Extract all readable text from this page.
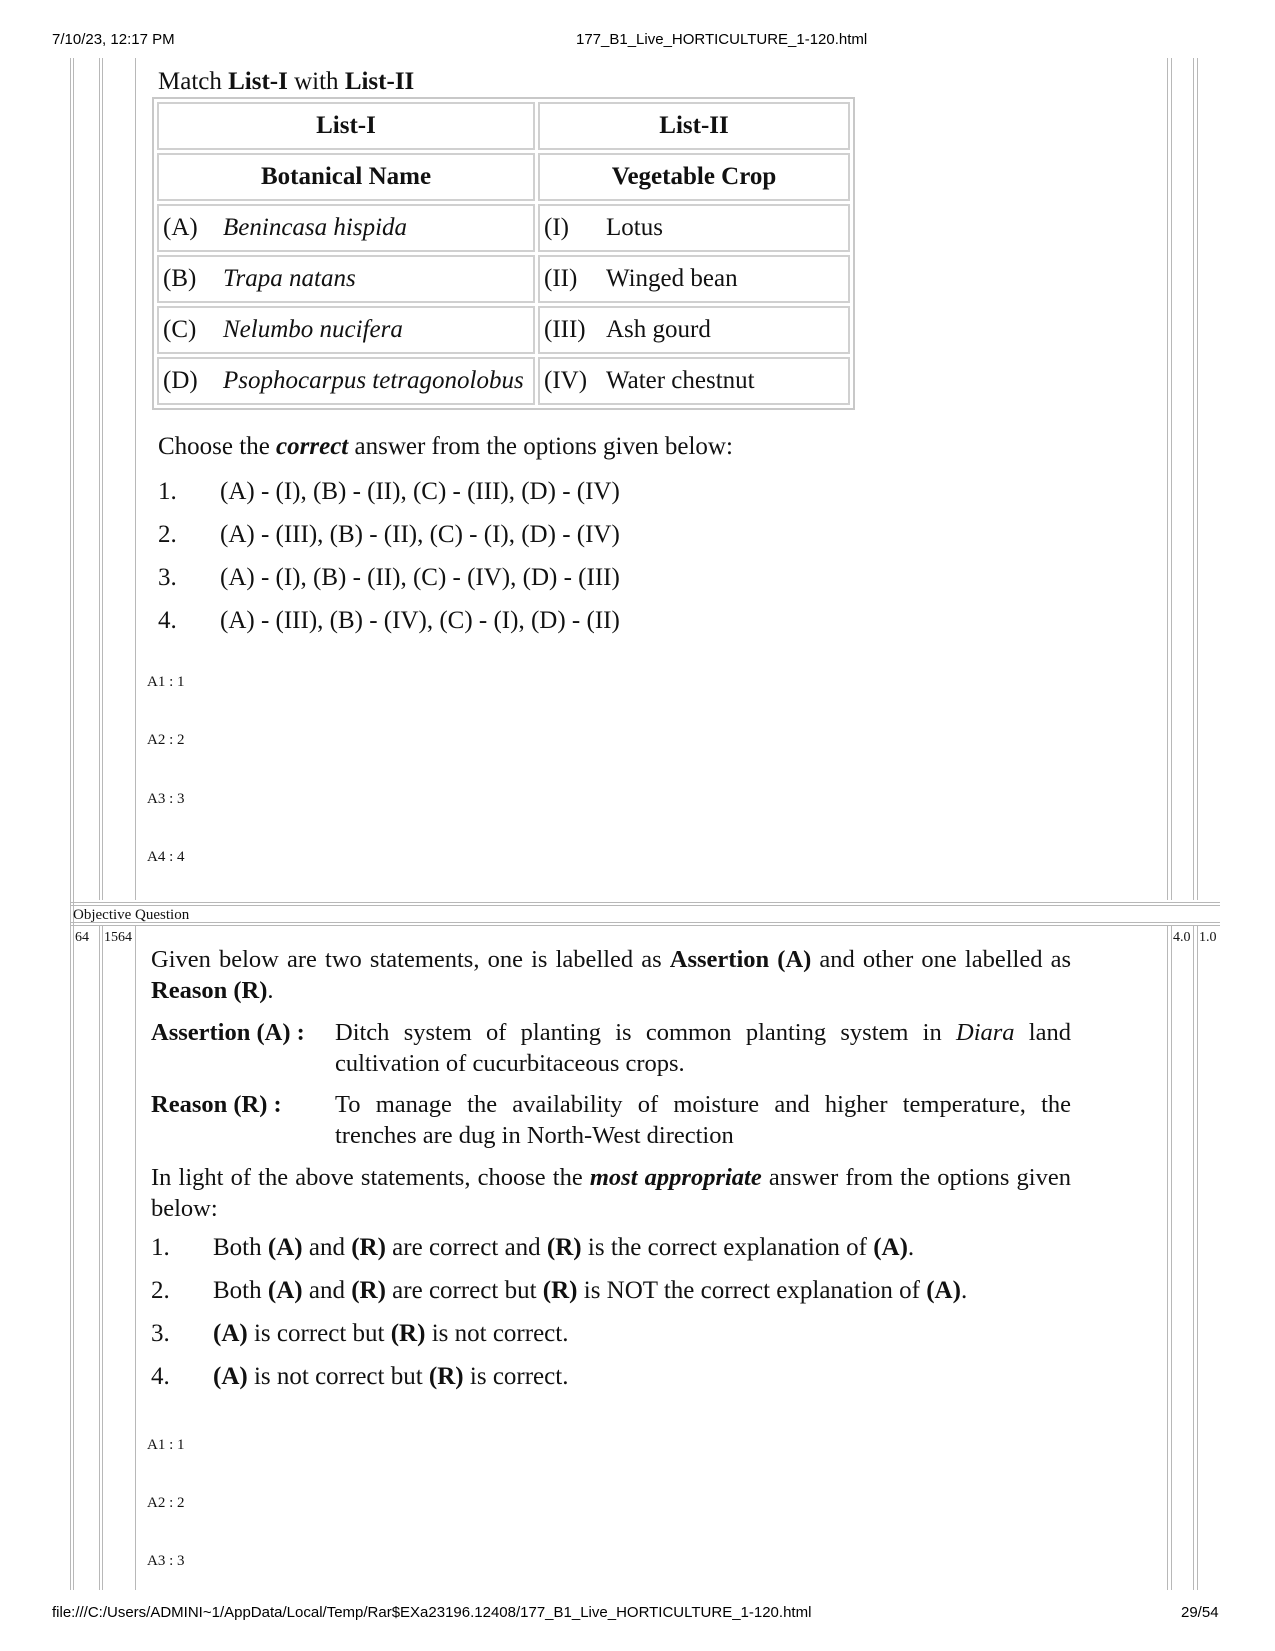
7/10/23, 12:17 PM	177_B1_Live_HORTICULTURE_1-120.html
Match List-I with List-II
List-I	List-II
Botanical Name	Vegetable Crop
(A) Benincasa hispida	(I) Lotus
(B) Trapa natans	(II) Winged bean
(C) Nelumbo nucifera	(III) Ash gourd
(D) Psophocarpus tetragonolobus	(IV) Water chestnut
Choose the correct answer from the options given below:
1. (A) - (I), (B) - (II), (C) - (III), (D) - (IV)
2. (A) - (III), (B) - (II), (C) - (I), (D) - (IV)
3. (A) - (I), (B) - (II), (C) - (IV), (D) - (III)
4. (A) - (III), (B) - (IV), (C) - (I), (D) - (II)
A1 : 1
A2 : 2
A3 : 3
A4 : 4
Objective Question
64 1564	4.0 1.0
Given below are two statements, one is labelled as Assertion (A) and other one labelled as Reason (R).
Assertion (A) : Ditch system of planting is common planting system in Diara land cultivation of cucurbitaceous crops.
Reason (R) : To manage the availability of moisture and higher temperature, the trenches are dug in North-West direction
In light of the above statements, choose the most appropriate answer from the options given below:
1. Both (A) and (R) are correct and (R) is the correct explanation of (A).
2. Both (A) and (R) are correct but (R) is NOT the correct explanation of (A).
3. (A) is correct but (R) is not correct.
4. (A) is not correct but (R) is correct.
A1 : 1
A2 : 2
A3 : 3
file:///C:/Users/ADMINI~1/AppData/Local/Temp/Rar$EXa23196.12408/177_B1_Live_HORTICULTURE_1-120.html	29/54
